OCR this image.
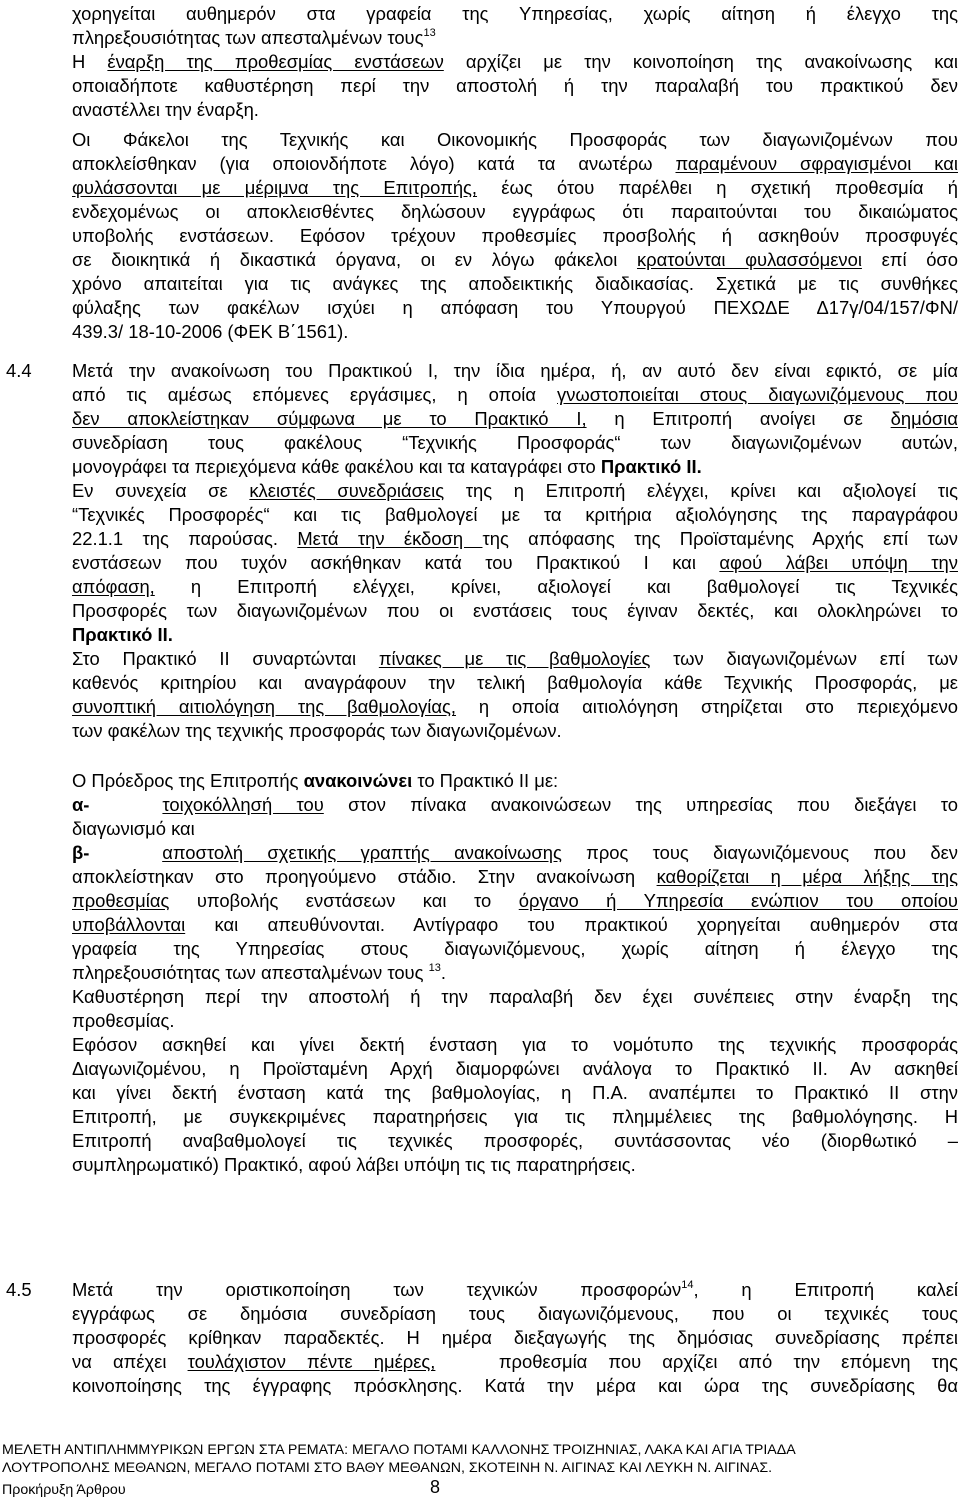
χορηγείται αυθημερόν στα γραφεία της Υπηρεσίας, χωρίς αίτηση ή έλεγχο της
πληρεξουσιότητας των απεσταλμένων τους$^{13}$
Η έναρξη της προθεσμίας ενστάσεων αρχίζει με την κοινοποίηση της ανακοίνωσης και
οποιαδήποτε καθυστέρηση περί την αποστολή ή την παραλαβή του πρακτικού δεν
αναστέλλει την έναρξη.
Οι Φάκελοι της Τεχνικής και Οικονομικής Προσφοράς των διαγωνιζομένων που
αποκλείσθηκαν (για οποιονδήποτε λόγο) κατά τα ανωτέρω παραμένουν σφραγισμένοι και
φυλάσσονται με μέριμνα της Επιτροπής, έως ότου παρέλθει η σχετική προθεσμία ή
ενδεχομένως οι αποκλεισθέντες δηλώσουν εγγράφως ότι παραιτούνται του δικαιώματος
υποβολής ενστάσεων. Εφόσον τρέχουν προθεσμίες προσβολής ή ασκηθούν προσφυγές
σε διοικητικά ή δικαστικά όργανα, οι εν λόγω φάκελοι κρατούνται φυλασσόμενοι επί όσο
χρόνο απαιτείται για τις ανάγκες της αποδεικτικής διαδικασίας. Σχετικά με τις συνθήκες
φύλαξης των φακέλων ισχύει η απόφαση του Υπουργού ΠΕΧΩΔΕ Δ17γ/04/157/ΦΝ/
439.3/ 18-10-2006 (ΦΕΚ Β΄1561).
4.4 Μετά την ανακοίνωση του Πρακτικού Ι, την ίδια ημέρα, ή, αν αυτό δεν είναι εφικτό, σε μία
από τις αμέσως επόμενες εργάσιμες, η οποία γνωστοποιείται στους διαγωνιζόμενους που
δεν αποκλείστηκαν σύμφωνα με το Πρακτικό Ι, η Επιτροπή ανοίγει σε δημόσια
συνεδρίαση τους φακέλους “Τεχνικής Προσφοράς“ των διαγωνιζομένων αυτών,
μονογράφει τα περιεχόμενα κάθε φακέλου και τα καταγράφει στο Πρακτικό ΙΙ.
Εν συνεχεία σε κλειστές συνεδριάσεις της η Επιτροπή ελέγχει, κρίνει και αξιολογεί τις
“Τεχνικές Προσφορές“ και τις βαθμολογεί με τα κριτήρια αξιολόγησης της παραγράφου
22.1.1 της παρούσας. Μετά την έκδοση της απόφασης της Προϊσταμένης Αρχής επί των
ενστάσεων που τυχόν ασκήθηκαν κατά του Πρακτικού Ι και αφού λάβει υπόψη την
απόφαση, η Επιτροπή ελέγχει, κρίνει, αξιολογεί και βαθμολογεί τις Τεχνικές
Προσφορές των διαγωνιζομένων που οι ενστάσεις τους έγιναν δεκτές, και ολοκληρώνει το
Πρακτικό ΙΙ.
Στο Πρακτικό ΙΙ συναρτώνται πίνακες με τις βαθμολογίες των διαγωνιζομένων επί των
καθενός κριτηρίου και αναγράφουν την τελική βαθμολογία κάθε Τεχνικής Προσφοράς, με
συνοπτική αιτιολόγηση της βαθμολογίας, η οποία αιτιολόγηση στηρίζεται στο περιεχόμενο
των φακέλων της τεχνικής προσφοράς των διαγωνιζομένων.
Ο Πρόεδρος της Επιτροπής ανακοινώνει το Πρακτικό ΙΙ με:
α-	τοιχοκόλλησή του στον πίνακα ανακοινώσεων της υπηρεσίας που διεξάγει το
διαγωνισμό και
β-	αποστολή σχετικής γραπτής ανακοίνωσης προς τους διαγωνιζόμενους που δεν
αποκλείστηκαν στο προηγούμενο στάδιο. Στην ανακοίνωση καθορίζεται η μέρα λήξης της
προθεσμίας υποβολής ενστάσεων και το όργανο ή Υπηρεσία ενώπιον του οποίου
υποβάλλονται και απευθύνονται. Αντίγραφο του πρακτικού χορηγείται αυθημερόν στα
γραφεία της Υπηρεσίας στους διαγωνιζόμενους, χωρίς αίτηση ή έλεγχο της
πληρεξουσιότητας των απεσταλμένων τους $^{13}$.
Καθυστέρηση περί την αποστολή ή την παραλαβή δεν έχει συνέπειες στην έναρξη της
προθεσμίας.
Εφόσον ασκηθεί και γίνει δεκτή ένσταση για το νομότυπο της τεχνικής προσφοράς
Διαγωνιζομένου, η Προϊσταμένη Αρχή διαμορφώνει ανάλογα το Πρακτικό ΙΙ. Αν ασκηθεί
και γίνει δεκτή ένσταση κατά της βαθμολογίας, η Π.Α. αναπέμπει το Πρακτικό ΙΙ στην
Επιτροπή, με συγκεκριμένες παρατηρήσεις για τις πλημμέλειες της βαθμολόγησης. Η
Επιτροπή αναβαθμολογεί τις τεχνικές προσφορές, συντάσσοντας νέο (διορθωτικό –
συμπληρωματικό) Πρακτικό, αφού λάβει υπόψη τις τις παρατηρήσεις.
4.5 Μετά την οριστικοποίηση των τεχνικών προσφορών$^{14}$, η Επιτροπή καλεί
εγγράφως σε δημόσια συνεδρίαση τους διαγωνιζόμενους, που οι τεχνικές τους
προσφορές κρίθηκαν παραδεκτές. Η ημέρα διεξαγωγής της δημόσιας συνεδρίασης πρέπει
να απέχει τουλάχιστον πέντε ημέρες,   προθεσμία που αρχίζει από την επόμενη της
κοινοποίησης της έγγραφης πρόσκλησης. Κατά την μέρα και ώρα της συνεδρίασης θα
ΜΕΛΕΤΗ ΑΝΤΙΠΛΗΜΜΥΡΙΚΩΝ ΕΡΓΩΝ ΣΤΑ ΡΕΜΑΤΑ: ΜΕΓΑΛΟ ΠΟΤΑΜΙ ΚΑΛΛΟΝΗΣ ΤΡΟΙΖΗΝΙΑΣ, ΛΑΚΑ ΚΑΙ ΑΓΙΑ ΤΡΙΑΔΑ
ΛΟΥΤΡΟΠΟΛΗΣ ΜΕΘΑΝΩΝ, ΜΕΓΑΛΟ ΠΟΤΑΜΙ ΣΤΟ ΒΑΘΥ ΜΕΘΑΝΩΝ, ΣΚΟΤΕΙΝΗ Ν. ΑΙΓΙΝΑΣ ΚΑΙ ΛΕΥΚΗ Ν. ΑΙΓΙΝΑΣ.
Προκήρυξη Άρθρου	8
